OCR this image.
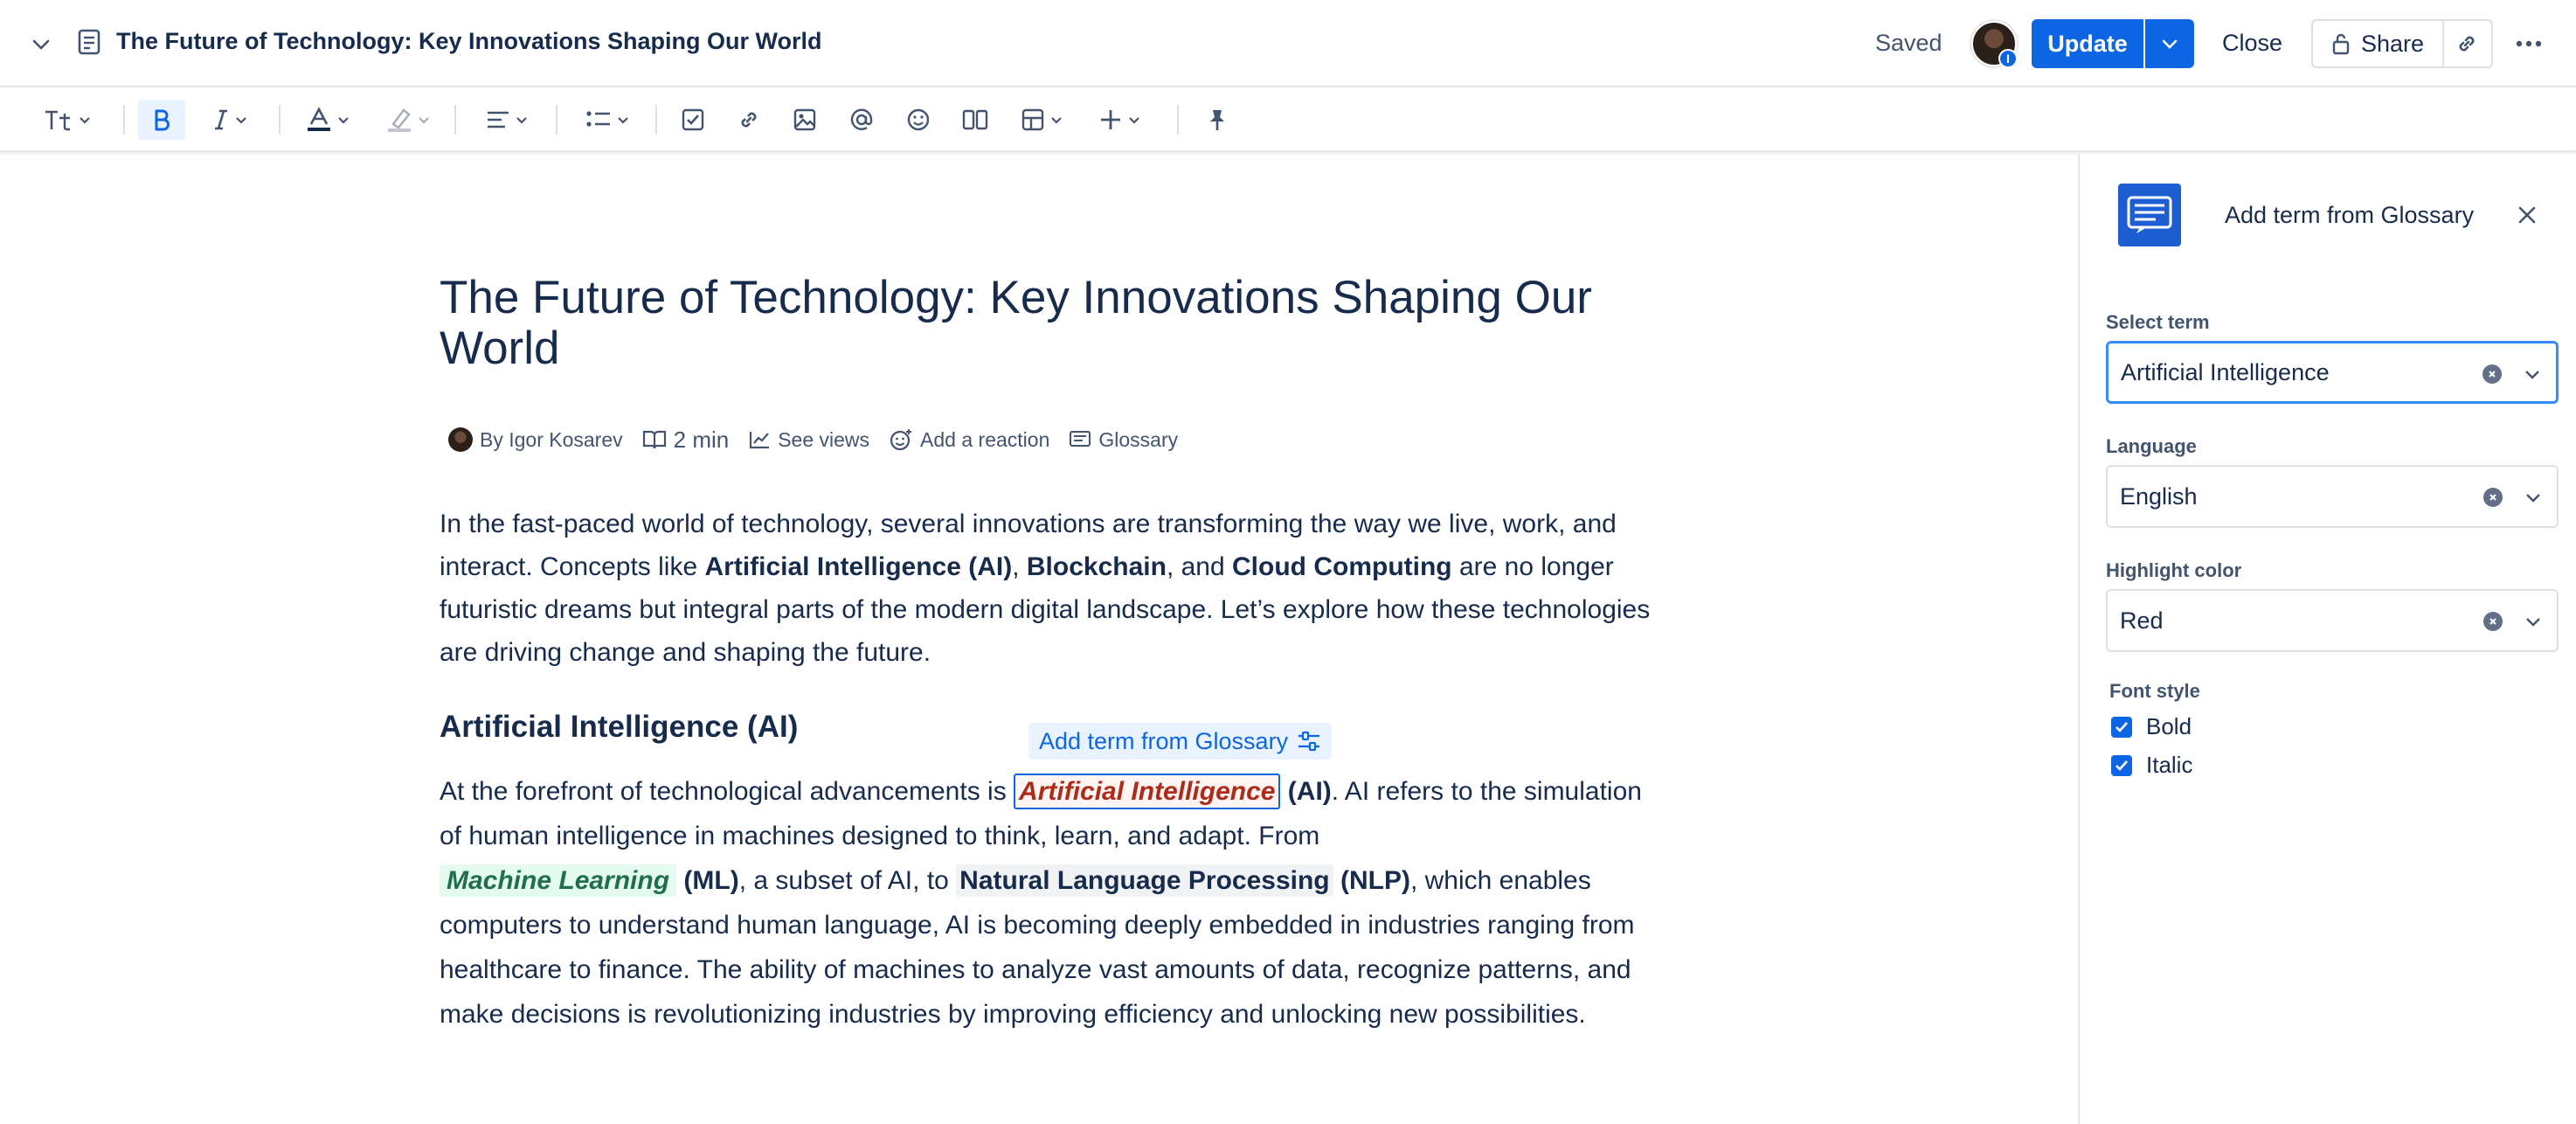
The Future of Technology: Key Innovations Shaping Our World	Saved
I
Update	Close	Share
The Future of Technology: Key Innovations Shaping Our World
By Igor Kosarev 2 min See views	Add a reaction Glossary

In the fast-paced world of technology, several innovations are transforming the way we live, work, and interact. Concepts like Artificial Intelligence (AI), Blockchain, and Cloud Computing are no longer futuristic dreams but integral parts of the modern digital landscape. Let’s explore how these technologies are driving change and shaping the future.

Artificial Intelligence (AI)	Add term from Glossary

At the forefront of technological advancements is Artificial Intelligence (AI). AI refers to the simulation of human intelligence in machines designed to think, learn, and adapt. From
Machine Learning (ML), a subset of AI, to Natural Language Processing (NLP), which enables computers to understand human language, AI is becoming deeply embedded in industries ranging from healthcare to finance. The ability of machines to analyze vast amounts of data, recognize patterns, and make decisions is revolutionizing industries by improving efficiency and unlocking new possibilities.

Add term from Glossary
Select term
Artificial Intelligence
Language
English
Highlight color
Red
Font style
Bold
Italic
